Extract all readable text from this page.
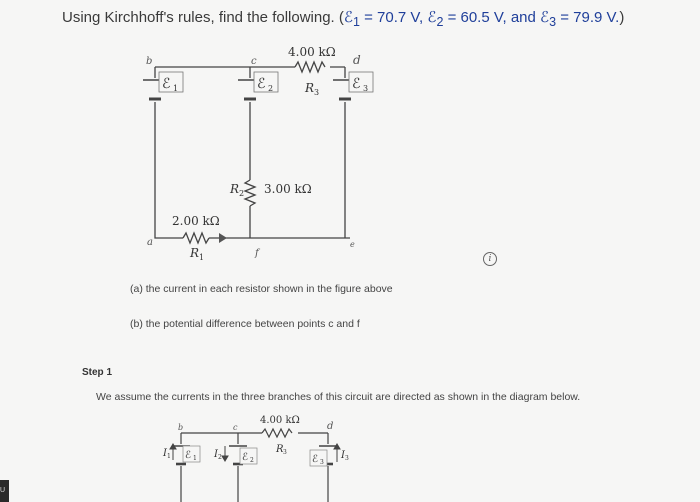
Using Kirchhoff's rules, find the following. (ℰ$_1$ = 70.7 V, ℰ$_2$ = 60.5 V, and ℰ$_3$ = 79.9 V.)
ℰ 1	ℰ 2	ℰ 3
4.00 kΩ
R 3
3.00 kΩ
R 2
2.00 kΩ
R 1
b	c	d
a
f
e
i
(a) the current in each resistor shown in the figure above
(b) the potential difference between points c and f
Step 1
We assume the currents in the three branches of this circuit are directed as shown in the diagram below.
ℰ 1	ℰ 2	ℰ 3
4.00 kΩ
R 3
I 1	I 2	I 3
b	c	d
U
